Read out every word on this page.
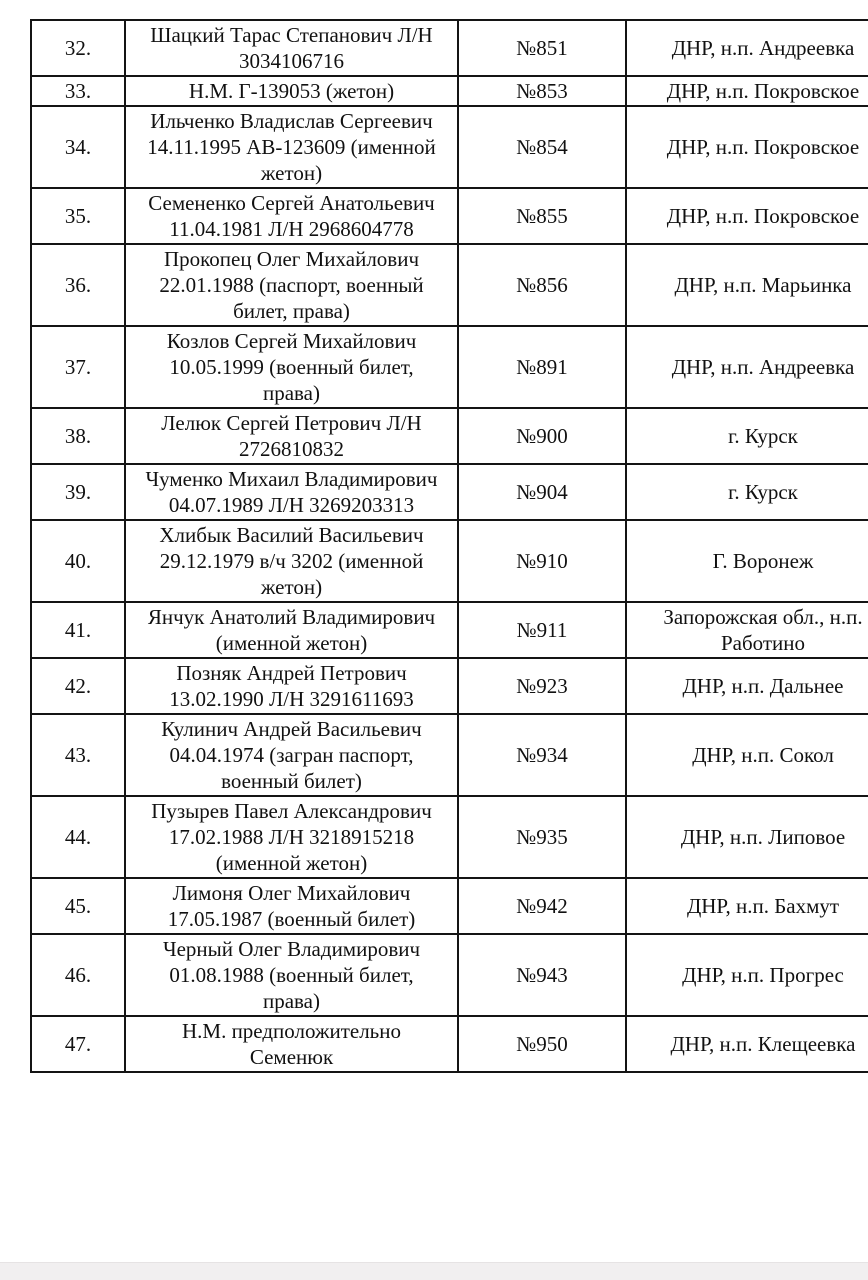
32.	Шацкий Тарас Степанович Л/Н 3034106716	№851	ДНР, н.п. Андреевка
33.	Н.М. Г-139053 (жетон)	№853	ДНР, н.п. Покровское
34.	Ильченко Владислав Сергеевич 14.11.1995 АВ-123609 (именной жетон)	№854	ДНР, н.п. Покровское
35.	Семененко Сергей Анатольевич 11.04.1981 Л/Н 2968604778	№855	ДНР, н.п. Покровское
36.	Прокопец Олег Михайлович 22.01.1988 (паспорт, военный билет, права)	№856	ДНР, н.п. Марьинка
37.	Козлов Сергей Михайлович 10.05.1999 (военный билет, права)	№891	ДНР, н.п. Андреевка
38.	Лелюк Сергей Петрович Л/Н 2726810832	№900	г. Курск
39.	Чуменко Михаил Владимирович 04.07.1989 Л/Н 3269203313	№904	г. Курск
40.	Хлибык Василий Васильевич 29.12.1979 в/ч 3202 (именной жетон)	№910	Г. Воронеж
41.	Янчук Анатолий Владимирович (именной жетон)	№911	Запорожская обл., н.п. Работино
42.	Позняк Андрей Петрович 13.02.1990 Л/Н 3291611693	№923	ДНР, н.п. Дальнее
43.	Кулинич Андрей Васильевич 04.04.1974 (загран паспорт, военный билет)	№934	ДНР, н.п. Сокол
44.	Пузырев Павел Александрович 17.02.1988 Л/Н 3218915218 (именной жетон)	№935	ДНР, н.п. Липовое
45.	Лимоня Олег Михайлович 17.05.1987 (военный билет)	№942	ДНР, н.п. Бахмут
46.	Черный Олег Владимирович 01.08.1988 (военный билет, права)	№943	ДНР, н.п. Прогрес
47.	Н.М. предположительно Семенюк	№950	ДНР, н.п. Клещеевка
